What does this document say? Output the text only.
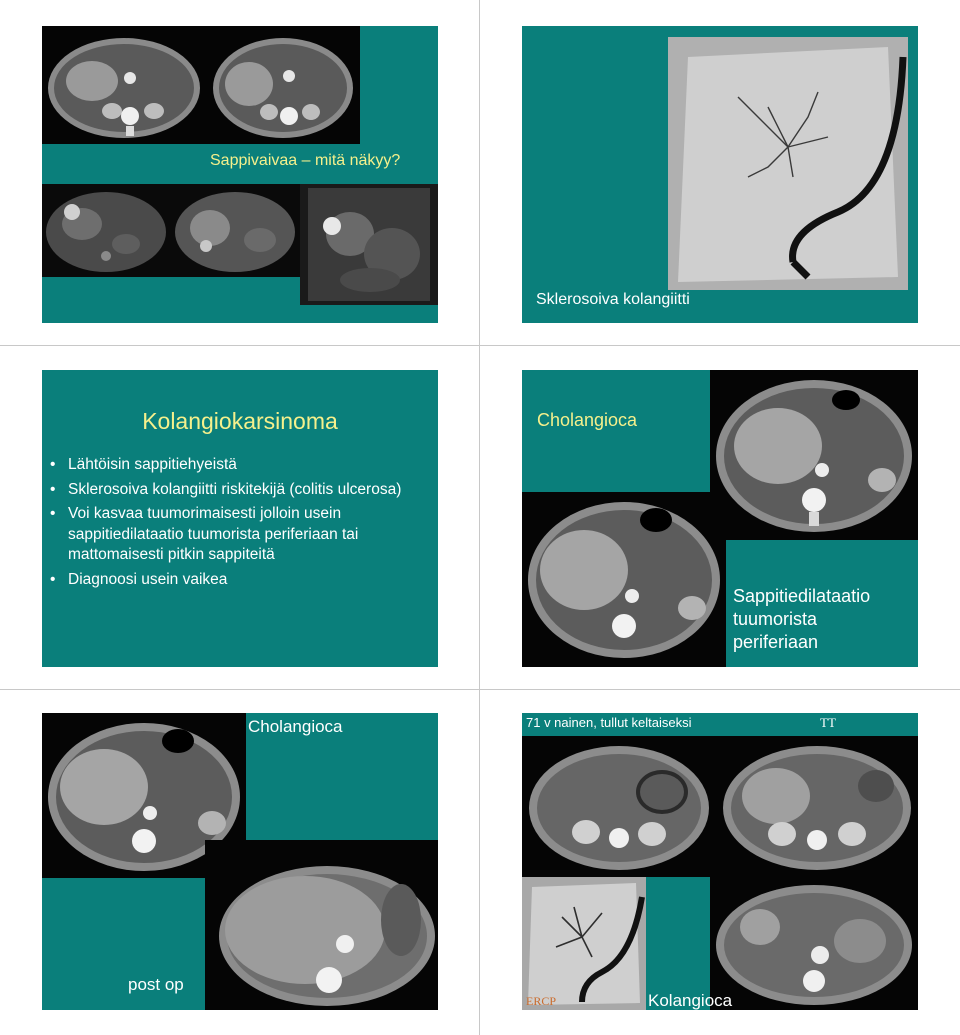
Sappivaivaa – mitä näkyy?
Sklerosoiva kolangiitti
Kolangiokarsinoma
• Lähtöisin sappitiehyeistä
• Sklerosoiva kolangiitti riskitekijä (colitis ulcerosa)
• Voi kasvaa tuumorimaisesti jolloin usein sappitiedilataatio tuumorista periferiaan tai mattomaisesti pitkin sappiteitä
• Diagnoosi usein vaikea
Cholangioca
Sappitiedilataatio tuumorista periferiaan
Cholangioca
post op
71 v nainen, tullut keltaiseksi	TT
ERCP	Kolangioca
